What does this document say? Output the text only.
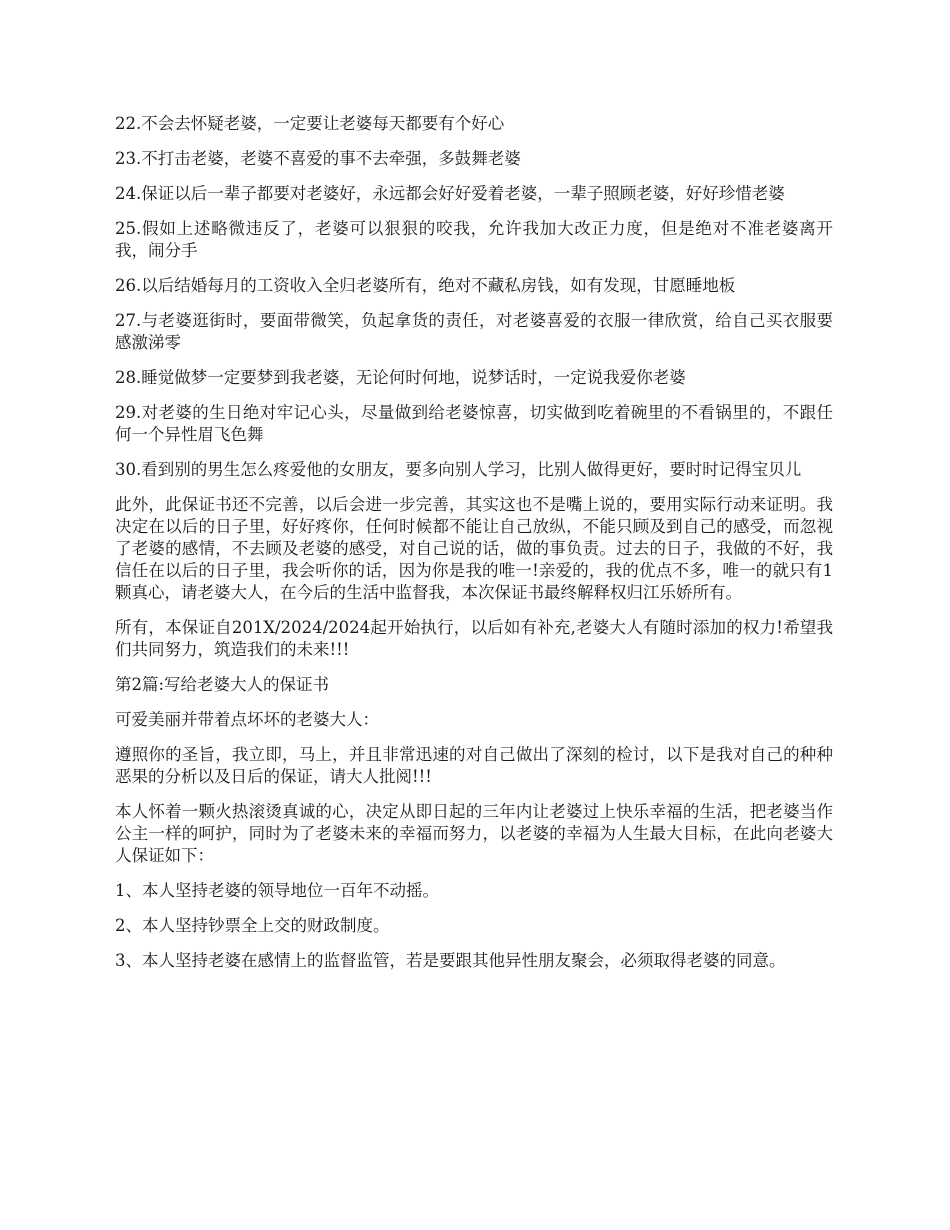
22.不会去怀疑老婆，一定要让老婆每天都要有个好心

23.不打击老婆，老婆不喜爱的事不去牵强，多鼓舞老婆

24.保证以后一辈子都要对老婆好，永远都会好好爱着老婆，一辈子照顾老婆，好好珍惜老婆

25.假如上述略微违反了，老婆可以狠狠的咬我，允许我加大改正力度，但是绝对不准老婆离开我，闹分手

26.以后结婚每月的工资收入全归老婆所有，绝对不藏私房钱，如有发现，甘愿睡地板

27.与老婆逛街时，要面带微笑，负起拿货的责任，对老婆喜爱的衣服一律欣赏，给自己买衣服要感激涕零

28.睡觉做梦一定要梦到我老婆，无论何时何地，说梦话时，一定说我爱你老婆

29.对老婆的生日绝对牢记心头，尽量做到给老婆惊喜，切实做到吃着碗里的不看锅里的，不跟任何一个异性眉飞色舞

30.看到别的男生怎么疼爱他的女朋友，要多向别人学习，比别人做得更好，要时时记得宝贝儿

此外，此保证书还不完善，以后会进一步完善，其实这也不是嘴上说的，要用实际行动来证明。我决定在以后的日子里，好好疼你，任何时候都不能让自己放纵，不能只顾及到自己的感受，而忽视了老婆的感情，不去顾及老婆的感受，对自己说的话，做的事负责。过去的日子，我做的不好，我信任在以后的日子里，我会听你的话，因为你是我的唯一!亲爱的，我的优点不多，唯一的就只有1颗真心，请老婆大人，在今后的生活中监督我，本次保证书最终解释权归江乐娇所有。

所有，本保证自201X/2024/2024起开始执行，以后如有补充,老婆大人有随时添加的权力!希望我们共同努力，筑造我们的未来!!!

第2篇:写给老婆大人的保证书

可爱美丽并带着点坏坏的老婆大人：

遵照你的圣旨，我立即，马上，并且非常迅速的对自己做出了深刻的检讨，以下是我对自己的种种恶果的分析以及日后的保证，请大人批阅!!!

本人怀着一颗火热滚烫真诚的心，决定从即日起的三年内让老婆过上快乐幸福的生活，把老婆当作公主一样的呵护，同时为了老婆未来的幸福而努力，以老婆的幸福为人生最大目标，在此向老婆大人保证如下：

1、本人坚持老婆的领导地位一百年不动摇。

2、本人坚持钞票全上交的财政制度。

3、本人坚持老婆在感情上的监督监管，若是要跟其他异性朋友聚会，必须取得老婆的同意。
